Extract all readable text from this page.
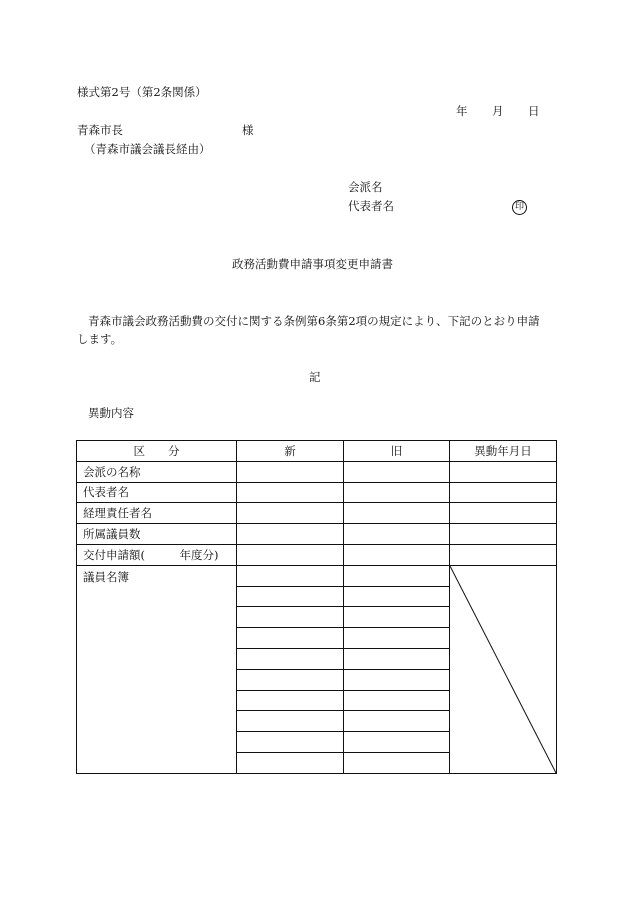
様式第2号（第2条関係）
年 月 日
青森市長	様
（青森市議会議長経由）
会派名
代表者名	印
政務活動費申請事項変更申請書
青森市議会政務活動費の交付に関する条例第6条第2項の規定により、下記のとおり申請
します。
記
異動内容
区　　分	新	旧	異動年月日
会派の名称			
代表者名			
経理責任者名			
所属議員数			
交付申請額(　　　年度分)			
議員名簿			
